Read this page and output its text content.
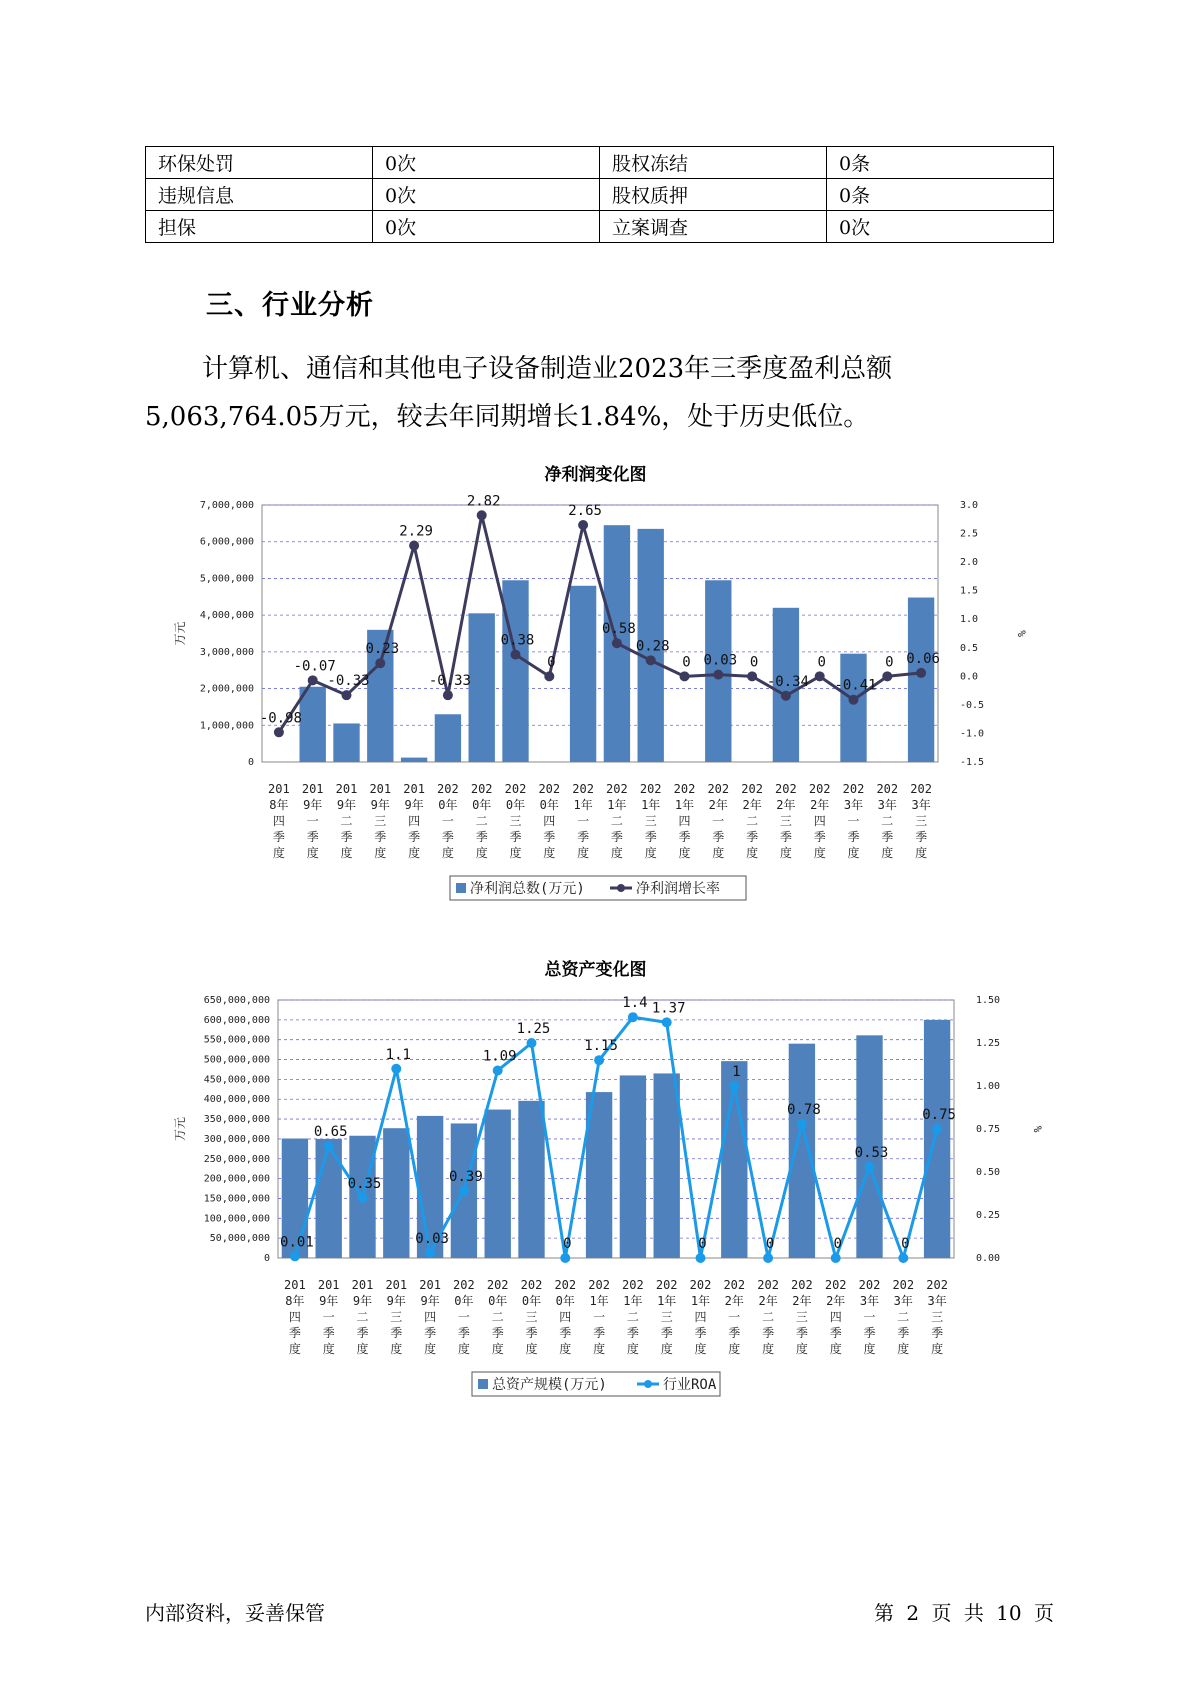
环保处罚	0次	股权冻结	0条
违规信息	0次	股权质押	0条
担保	0次	立案调查	0次
三、行业分析

计算机、通信和其他电子设备制造业2023年三季度盈利总额
5,063,764.05万元，较去年同期增长1.84%，处于历史低位。

净利润变化图
0
1,000,000
2,000,000
3,000,000
4,000,000
5,000,000
6,000,000
7,000,000
-1.5
-1.0
-0.5
0.0
0.5
1.0
1.5
2.0
2.5
3.0
万元	%
-0.98
-0.07
-0.33
0.23
2.29
-0.33
2.82
0.38
0
2.65
0.58
0.28
0 0.03 0
-0.34
0
-0.41
0 0.06
201
8年
四
季
度
201
9年
一
季
度
201
9年
二
季
度
201
9年
三
季
度
201
9年
四
季
度
202
0年
一
季
度
202
0年
二
季
度
202
0年
三
季
度
202
0年
四
季
度
202
1年
一
季
度
202
1年
二
季
度
202
1年
三
季
度
202
1年
四
季
度
202
2年
一
季
度
202
2年
二
季
度
202
2年
三
季
度
202
2年
四
季
度
202
3年
一
季
度
202
3年
二
季
度
202
3年
三
季
度
净利润总数(万元)	净利润增长率
总资产变化图
0
50,000,000
100,000,000
150,000,000
200,000,000
250,000,000
300,000,000
350,000,000
400,000,000
450,000,000
500,000,000
550,000,000
600,000,000
650,000,000
0.00
0.25
0.50
0.75
1.00
1.25
1.50
万元	%
0.01
0.65
0.35
1.1
0.03
0.39
1.09
1.25
0
1.15
1.4 1.37
0
1
0
0.78
0
0.53
0
0.75
201
8年
四
季
度
201
9年
一
季
度
201
9年
二
季
度
201
9年
三
季
度
201
9年
四
季
度
202
0年
一
季
度
202
0年
二
季
度
202
0年
三
季
度
202
0年
四
季
度
202
1年
一
季
度
202
1年
二
季
度
202
1年
三
季
度
202
1年
四
季
度
202
2年
一
季
度
202
2年
二
季
度
202
2年
三
季
度
202
2年
四
季
度
202
3年
一
季
度
202
3年
二
季
度
202
3年
三
季
度
总资产规模(万元)	行业ROA
内部资料，妥善保管	第 2 页 共 10 页
